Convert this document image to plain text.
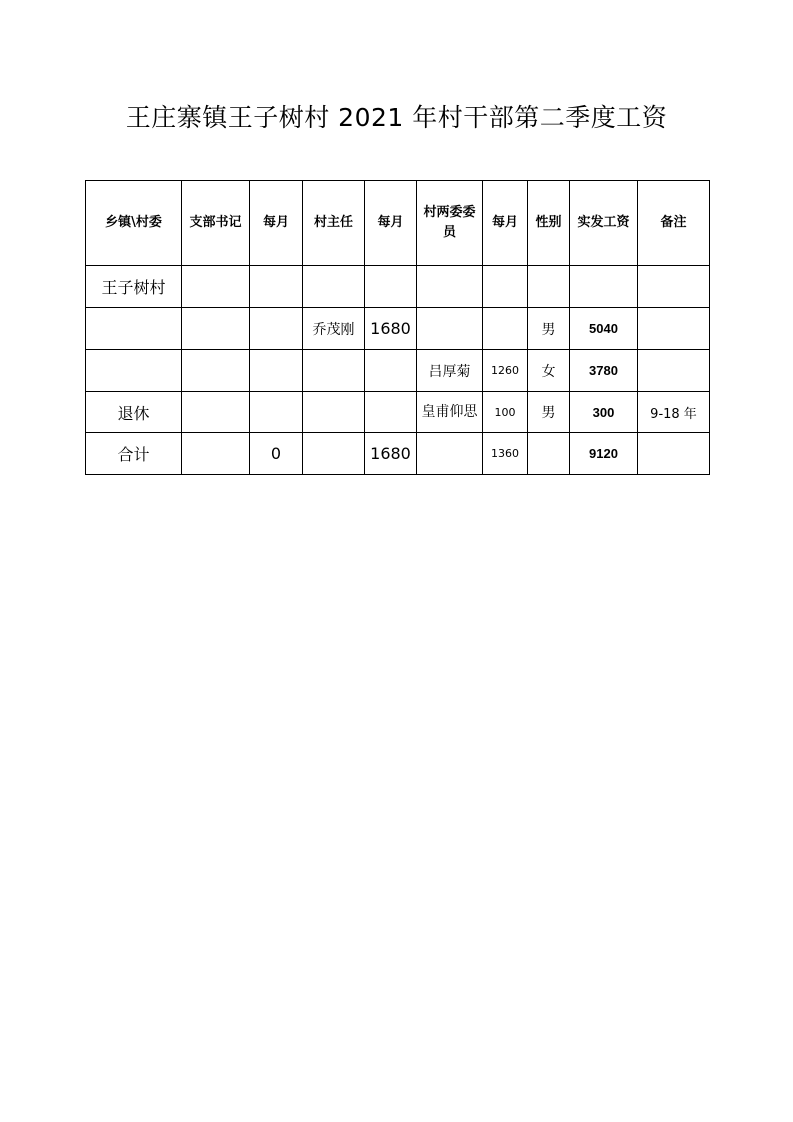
王庄寨镇王子树村 2021 年村干部第二季度工资
乡镇\村委	支部书记	每月	村主任	每月	村两委委员	每月	性别	实发工资	备注
王子树村									
			乔茂刚	1680			男	5040	
					吕厚菊	1260	女	3780	
退休					皇甫仰思	100	男	300	9-18 年
合计		0		1680		1360		9120	
